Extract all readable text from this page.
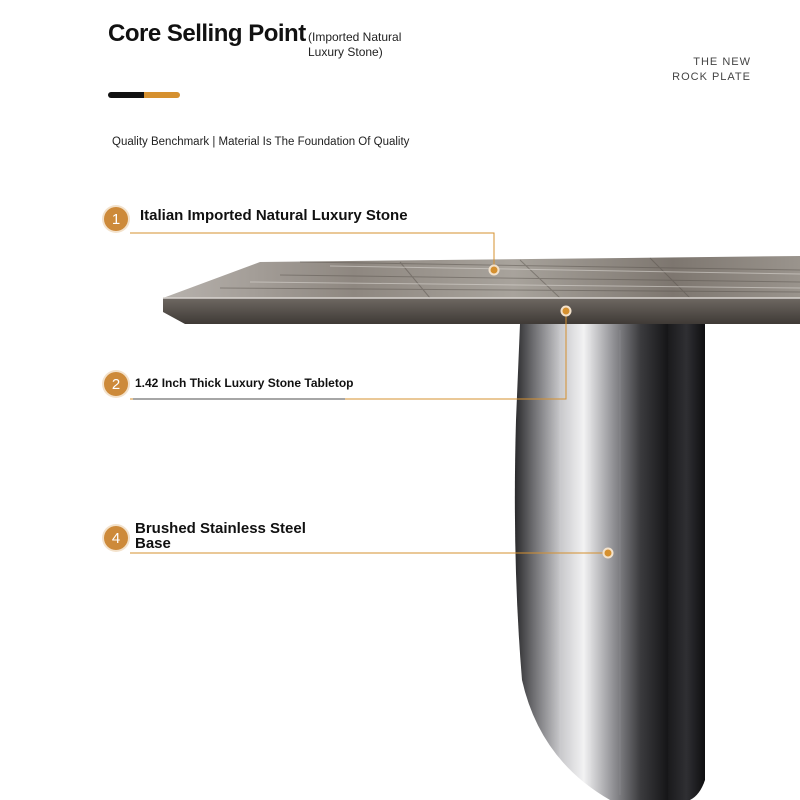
Core Selling Point (Imported Natural Luxury Stone)
THE NEW
ROCK PLATE
Quality Benchmark | Material Is The Foundation Of Quality
1	Italian Imported Natural Luxury Stone
2	1.42 Inch Thick Luxury Stone Tabletop
4
Brushed Stainless Steel
Base
